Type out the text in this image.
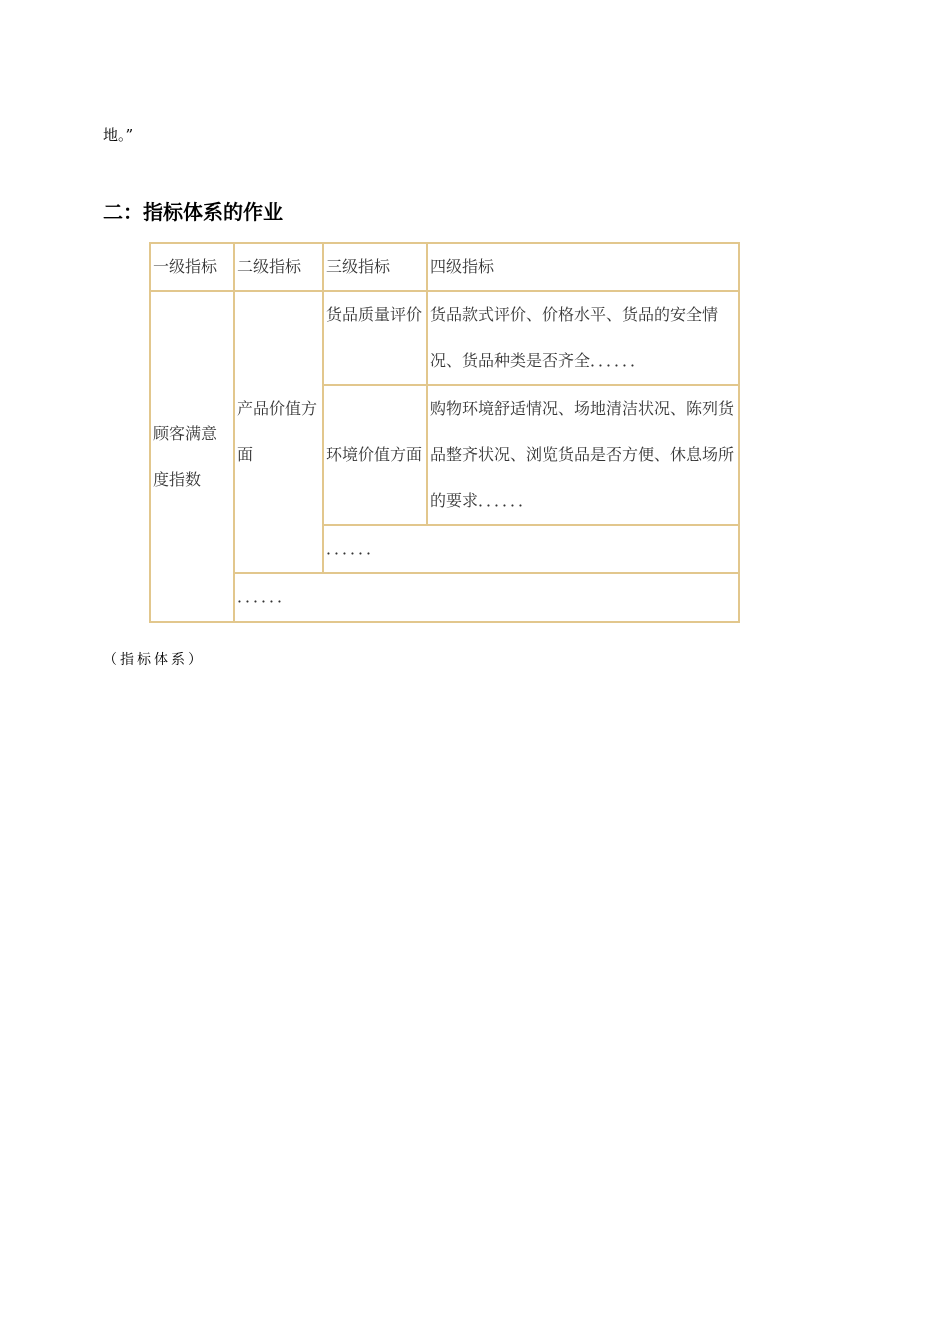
地。”
二：指标体系的作业
一级指标	二级指标	三级指标	四级指标
顾客满意度指数	产品价值方面	货品质量评价	货品款式评价、价格水平、货品的安全情况、货品种类是否齐全．．．．．．
		环境价值方面	购物环境舒适情况、场地清洁状况、陈列货品整齐状况、浏览货品是否方便、休息场所的要求．．．．．．
		．．．．．．	
	．．．．．．		
（指标体系）
